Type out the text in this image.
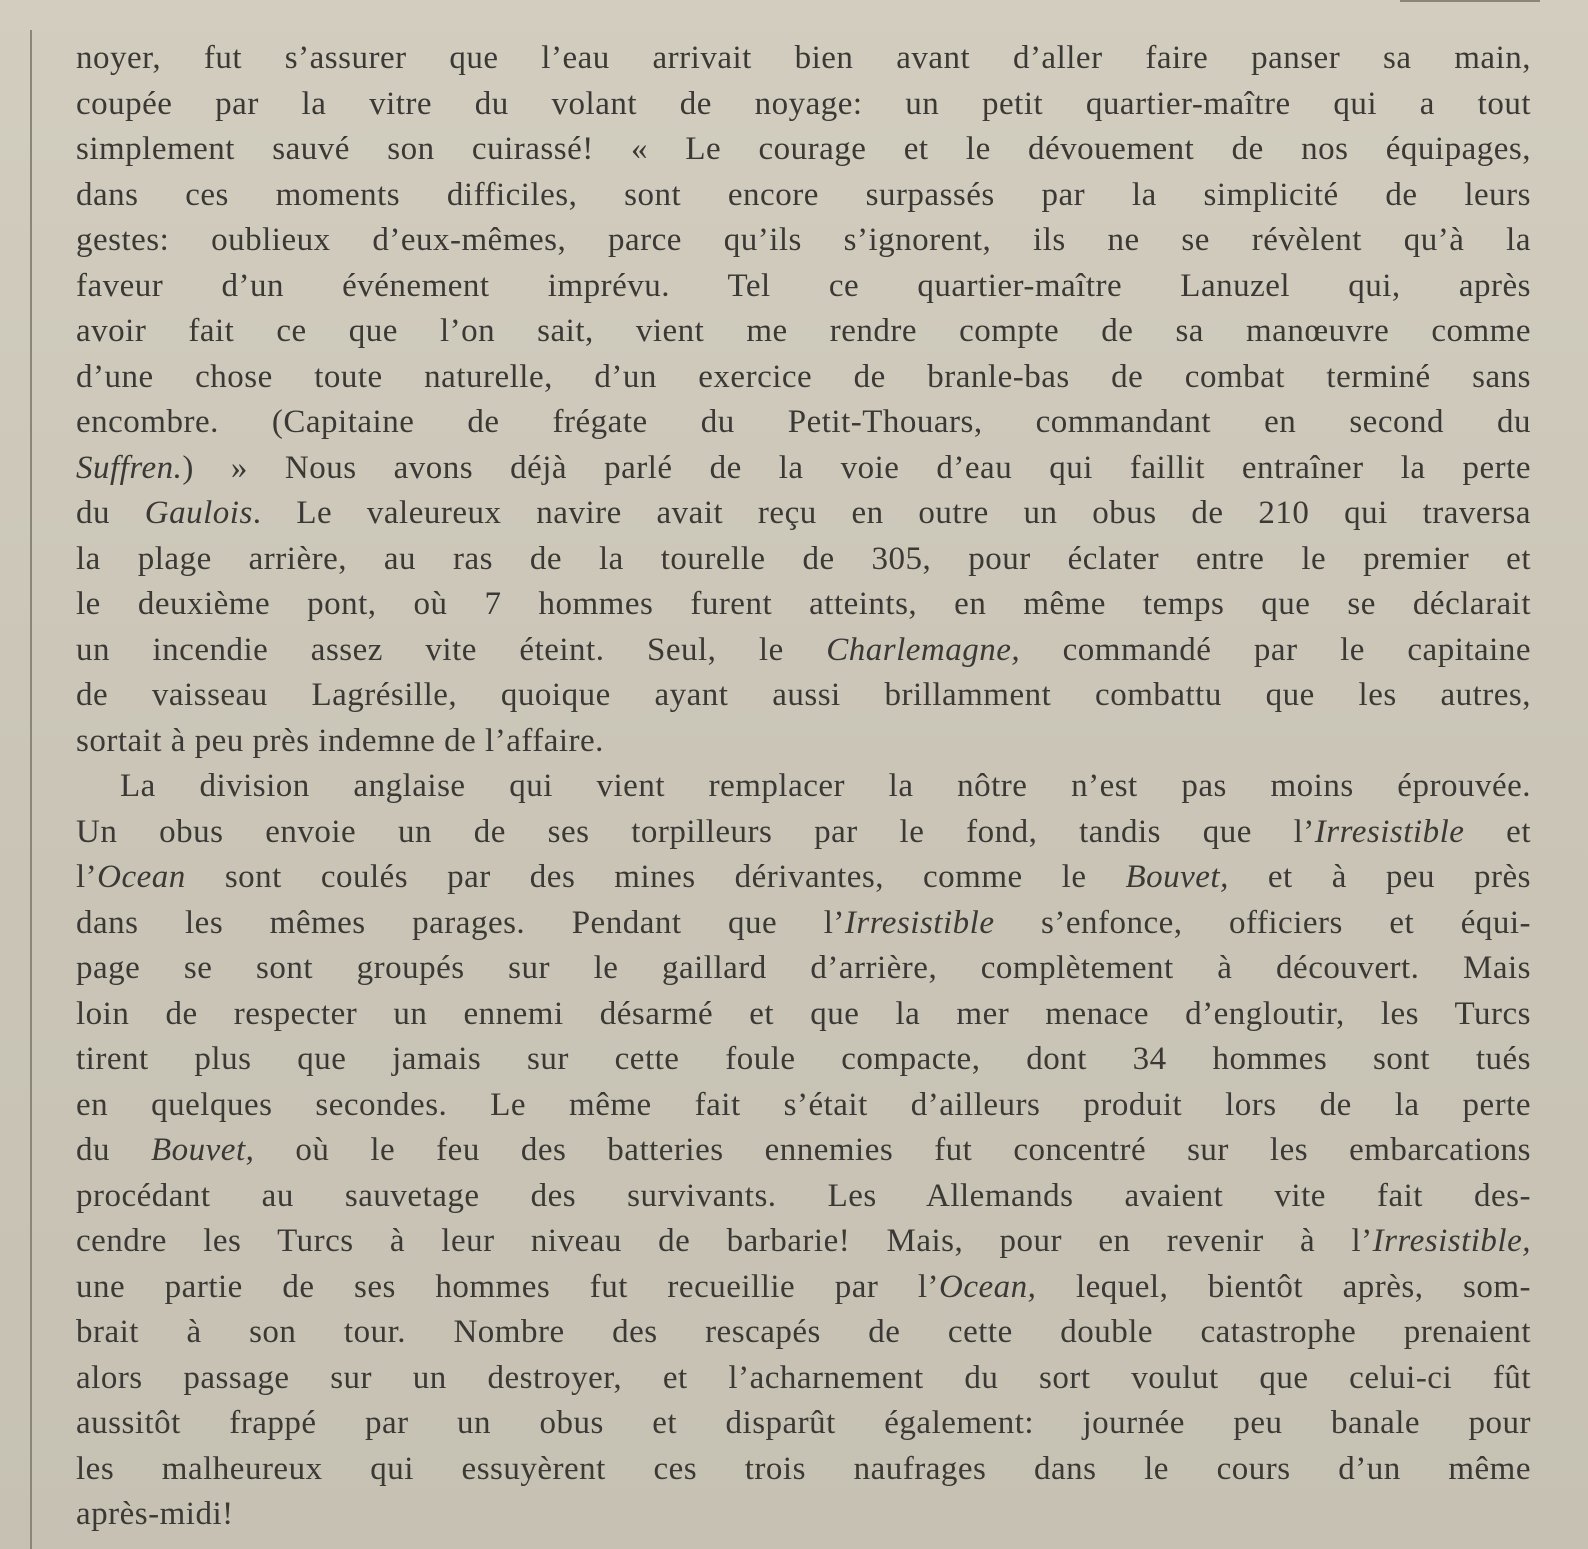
noyer, fut s’assurer que l’eau arrivait bien avant d’aller faire panser sa main,
coupée par la vitre du volant de noyage: un petit quartier-maître qui a tout
simplement sauvé son cuirassé! « Le courage et le dévouement de nos équipages,
dans ces moments difficiles, sont encore surpassés par la simplicité de leurs
gestes: oublieux d’eux-mêmes, parce qu’ils s’ignorent, ils ne se révèlent qu’à la
faveur d’un événement imprévu. Tel ce quartier-maître Lanuzel qui, après
avoir fait ce que l’on sait, vient me rendre compte de sa manœuvre comme
d’une chose toute naturelle, d’un exercice de branle-bas de combat terminé sans
encombre. (Capitaine de frégate du Petit-Thouars, commandant en second du
Suffren.) » Nous avons déjà parlé de la voie d’eau qui faillit entraîner la perte
du Gaulois. Le valeureux navire avait reçu en outre un obus de 210 qui traversa
la plage arrière, au ras de la tourelle de 305, pour éclater entre le premier et
le deuxième pont, où 7 hommes furent atteints, en même temps que se déclarait
un incendie assez vite éteint. Seul, le Charlemagne, commandé par le capitaine
de vaisseau Lagrésille, quoique ayant aussi brillamment combattu que les autres,
sortait à peu près indemne de l’affaire.
La division anglaise qui vient remplacer la nôtre n’est pas moins éprouvée.
Un obus envoie un de ses torpilleurs par le fond, tandis que l’Irresistible et
l’Ocean sont coulés par des mines dérivantes, comme le Bouvet, et à peu près
dans les mêmes parages. Pendant que l’Irresistible s’enfonce, officiers et équi-
page se sont groupés sur le gaillard d’arrière, complètement à découvert. Mais
loin de respecter un ennemi désarmé et que la mer menace d’engloutir, les Turcs
tirent plus que jamais sur cette foule compacte, dont 34 hommes sont tués
en quelques secondes. Le même fait s’était d’ailleurs produit lors de la perte
du Bouvet, où le feu des batteries ennemies fut concentré sur les embarcations
procédant au sauvetage des survivants. Les Allemands avaient vite fait des-
cendre les Turcs à leur niveau de barbarie! Mais, pour en revenir à l’Irresistible,
une partie de ses hommes fut recueillie par l’Ocean, lequel, bientôt après, som-
brait à son tour. Nombre des rescapés de cette double catastrophe prenaient
alors passage sur un destroyer, et l’acharnement du sort voulut que celui-ci fût
aussitôt frappé par un obus et disparût également: journée peu banale pour
les malheureux qui essuyèrent ces trois naufrages dans le cours d’un même
après-midi!
